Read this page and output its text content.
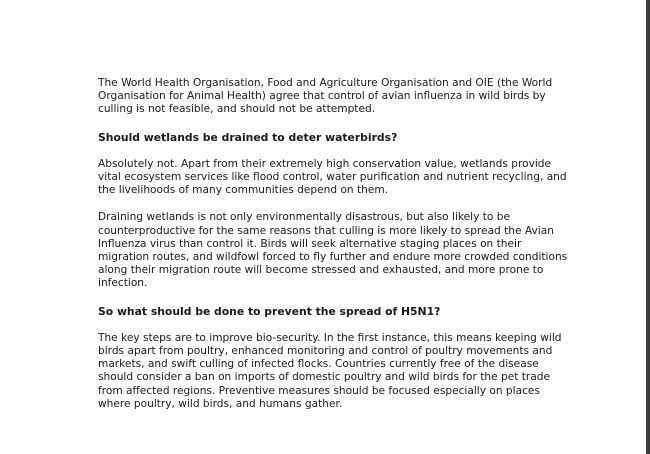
The World Health Organisation, Food and Agriculture Organisation and OIE (the World Organisation for Animal Health) agree that control of avian influenza in wild birds by culling is not feasible, and should not be attempted.

Should wetlands be drained to deter waterbirds?

Absolutely not. Apart from their extremely high conservation value, wetlands provide vital ecosystem services like flood control, water purification and nutrient recycling, and the livelihoods of many communities depend on them.

Draining wetlands is not only environmentally disastrous, but also likely to be counterproductive for the same reasons that culling is more likely to spread the Avian Influenza virus than control it. Birds will seek alternative staging places on their migration routes, and wildfowl forced to fly further and endure more crowded conditions along their migration route will become stressed and exhausted, and more prone to infection.

So what should be done to prevent the spread of H5N1?

The key steps are to improve bio-security. In the first instance, this means keeping wild birds apart from poultry, enhanced monitoring and control of poultry movements and markets, and swift culling of infected flocks. Countries currently free of the disease should consider a ban on imports of domestic poultry and wild birds for the pet trade from affected regions. Preventive measures should be focused especially on places where poultry, wild birds, and humans gather.
